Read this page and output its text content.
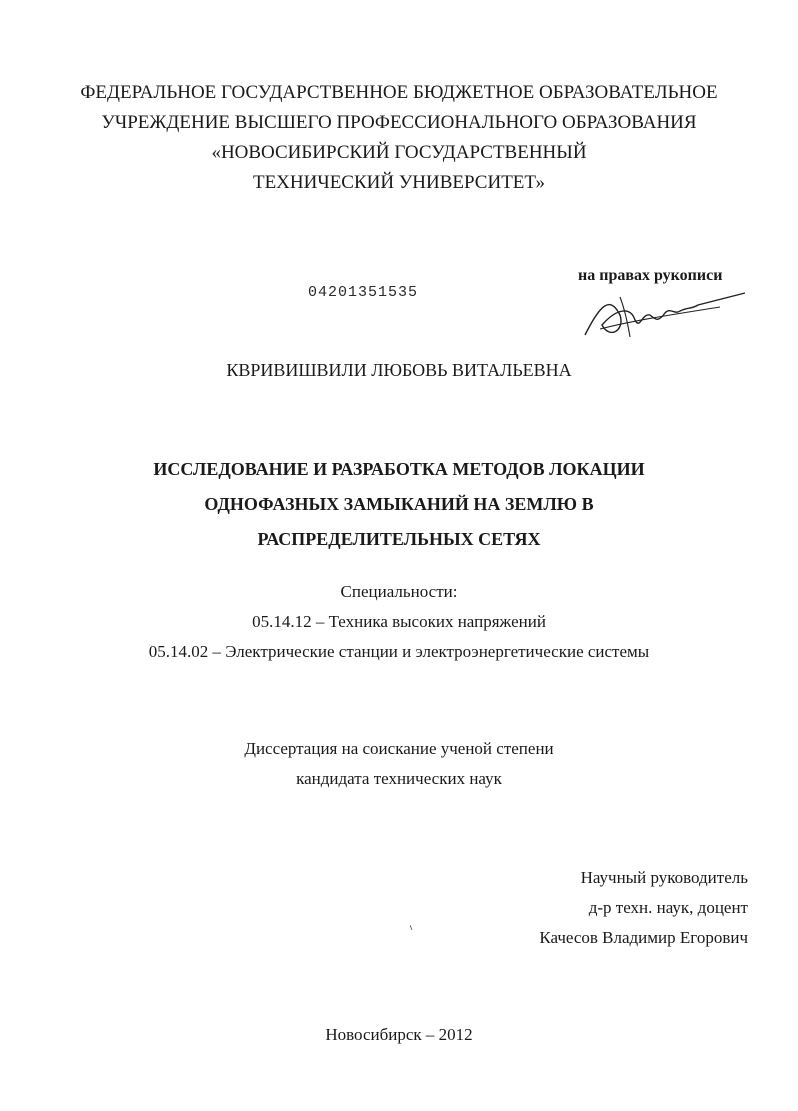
ФЕДЕРАЛЬНОЕ ГОСУДАРСТВЕННОЕ БЮДЖЕТНОЕ ОБРАЗОВАТЕЛЬНОЕ
УЧРЕЖДЕНИЕ ВЫСШЕГО ПРОФЕССИОНАЛЬНОГО ОБРАЗОВАНИЯ
«НОВОСИБИРСКИЙ ГОСУДАРСТВЕННЫЙ
ТЕХНИЧЕСКИЙ УНИВЕРСИТЕТ»
04201351535
на правах рукописи
КВРИВИШВИЛИ ЛЮБОВЬ ВИТАЛЬЕВНА
ИССЛЕДОВАНИЕ И РАЗРАБОТКА МЕТОДОВ ЛОКАЦИИ
ОДНОФАЗНЫХ ЗАМЫКАНИЙ НА ЗЕМЛЮ В
РАСПРЕДЕЛИТЕЛЬНЫХ СЕТЯХ
Специальности:
05.14.12 – Техника высоких напряжений
05.14.02 – Электрические станции и электроэнергетические системы
Диссертация на соискание ученой степени
кандидата технических наук
Научный руководитель
д-р техн. наук, доцент
Качесов Владимир Егорович
Новосибирск – 2012
